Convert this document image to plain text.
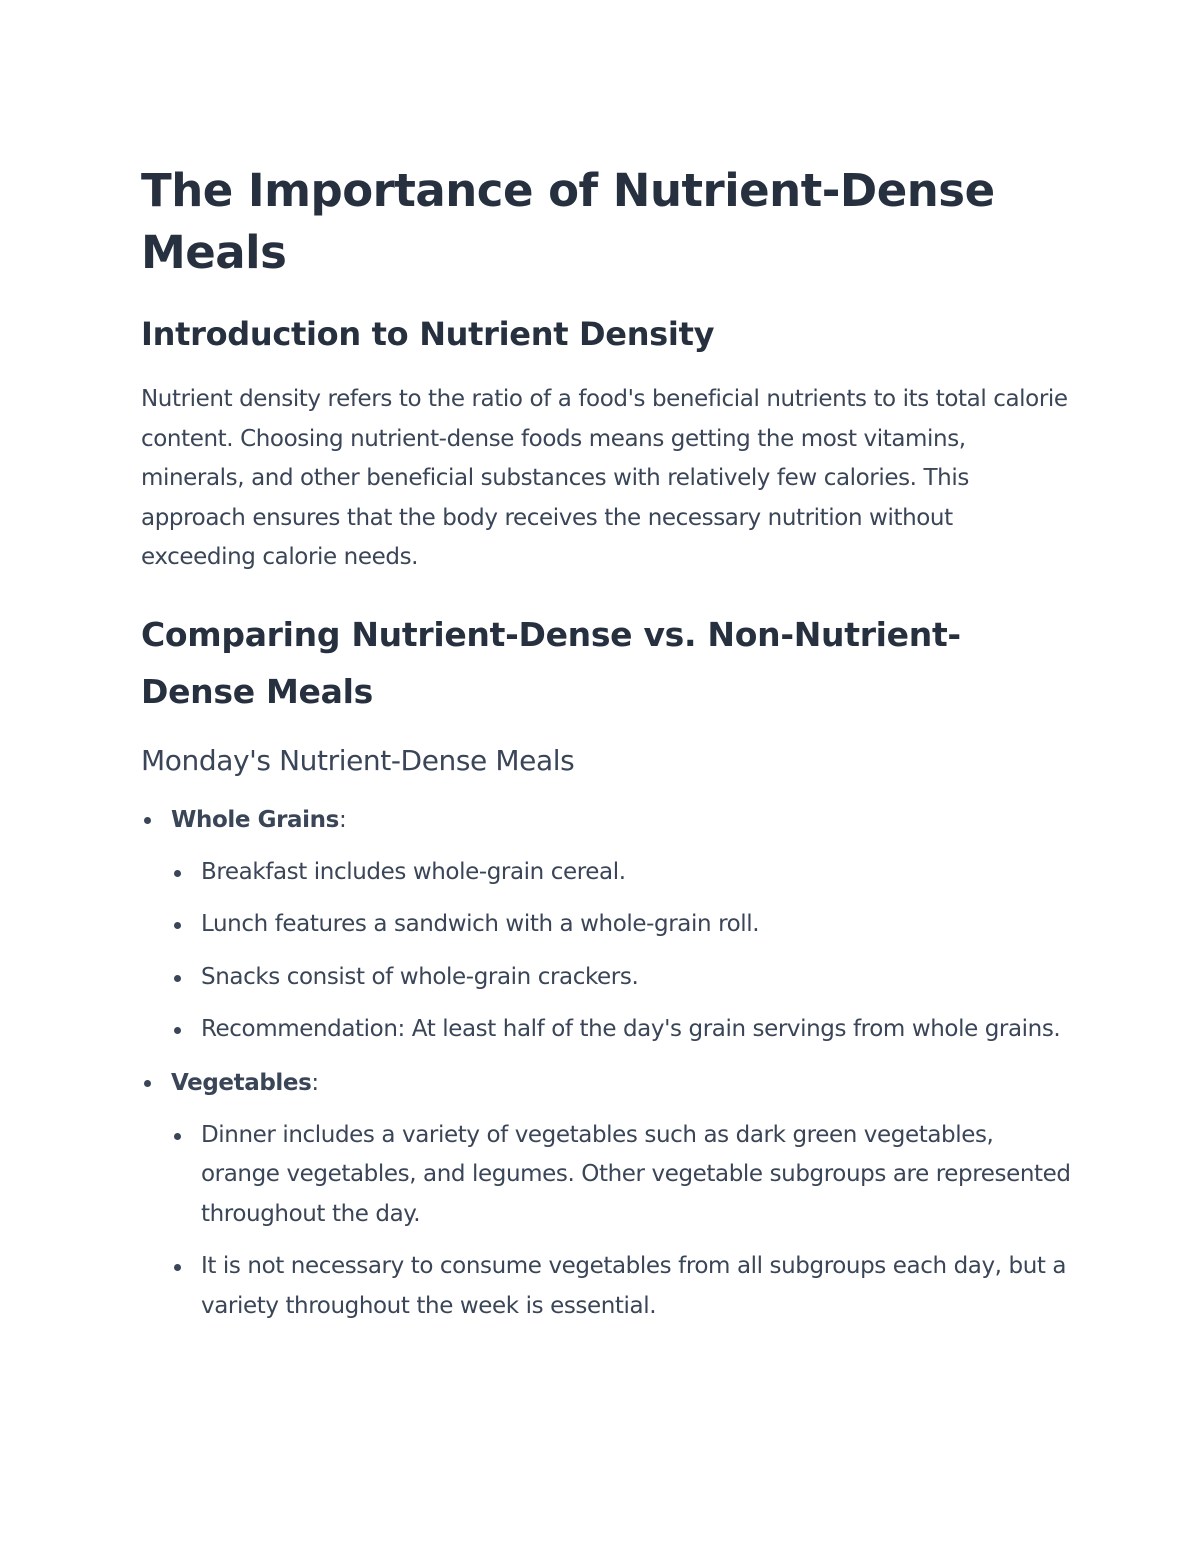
The Importance of Nutrient-Dense Meals
Introduction to Nutrient Density

Nutrient density refers to the ratio of a food's beneficial nutrients to its total calorie content. Choosing nutrient-dense foods means getting the most vitamins, minerals, and other beneficial substances with relatively few calories. This approach ensures that the body receives the necessary nutrition without exceeding calorie needs.

Comparing Nutrient-Dense vs. Non-Nutrient-Dense Meals
Monday's Nutrient-Dense Meals
Whole Grains:
Breakfast includes whole-grain cereal.
Lunch features a sandwich with a whole-grain roll.
Snacks consist of whole-grain crackers.
Recommendation: At least half of the day's grain servings from whole grains.
Vegetables:
Dinner includes a variety of vegetables such as dark green vegetables, orange vegetables, and legumes. Other vegetable subgroups are represented throughout the day.
It is not necessary to consume vegetables from all subgroups each day, but a variety throughout the week is essential.
